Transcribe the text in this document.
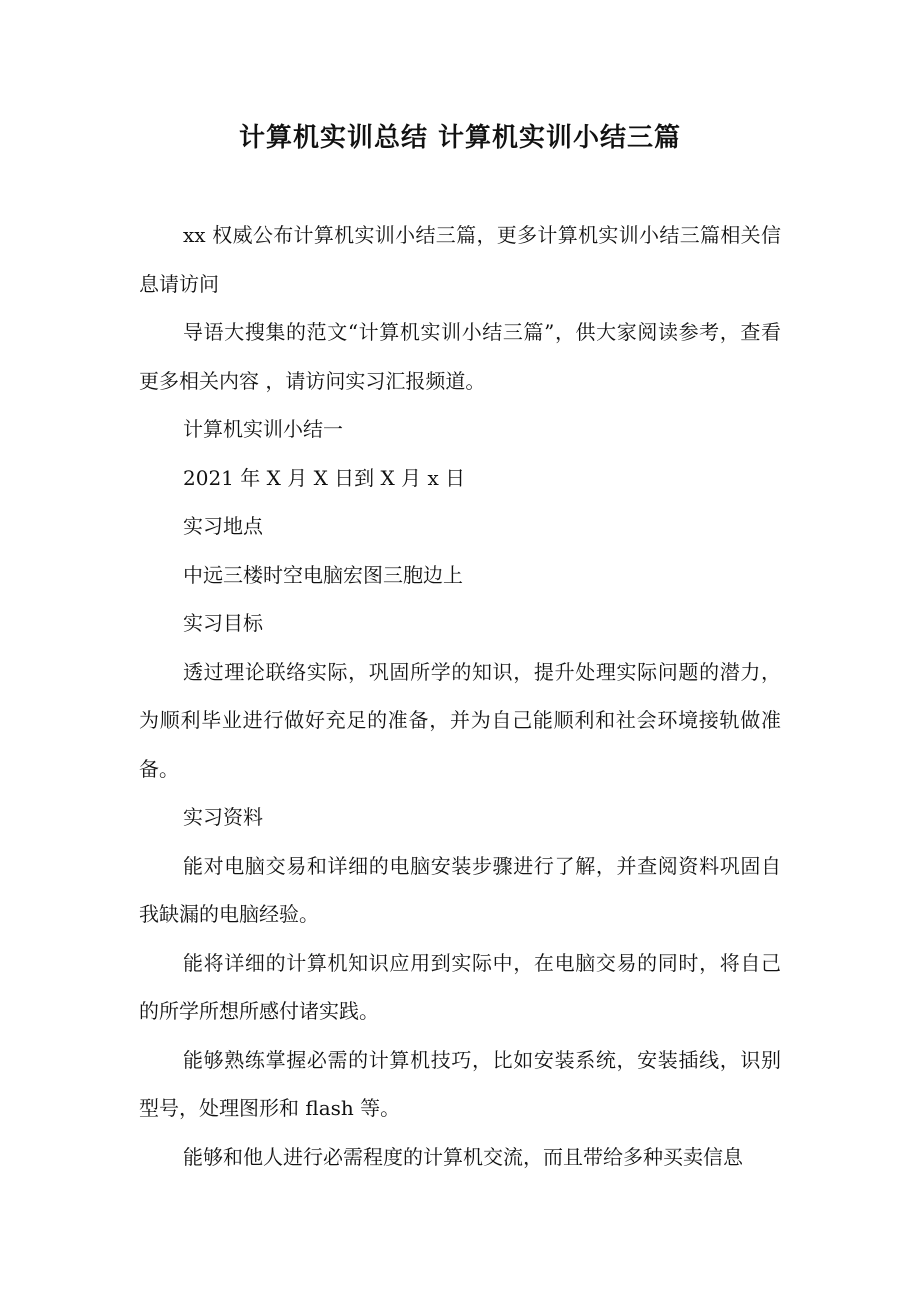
计算机实训总结 计算机实训小结三篇

xx 权威公布计算机实训小结三篇，更多计算机实训小结三篇相关信息请访问

导语大搜集的范文“计算机实训小结三篇”，供大家阅读参考，查看更多相关内容 ，请访问实习汇报频道。

计算机实训小结一

2021 年 X 月 X 日到 X 月 x 日

实习地点

中远三楼时空电脑宏图三胞边上

实习目标

透过理论联络实际，巩固所学的知识，提升处理实际问题的潜力，为顺利毕业进行做好充足的准备，并为自己能顺利和社会环境接轨做准备。

实习资料

能对电脑交易和详细的电脑安装步骤进行了解，并查阅资料巩固自我缺漏的电脑经验。

能将详细的计算机知识应用到实际中，在电脑交易的同时，将自己的所学所想所感付诸实践。

能够熟练掌握必需的计算机技巧，比如安装系统，安装插线，识别型号，处理图形和 flash 等。

能够和他人进行必需程度的计算机交流，而且带给多种买卖信息
